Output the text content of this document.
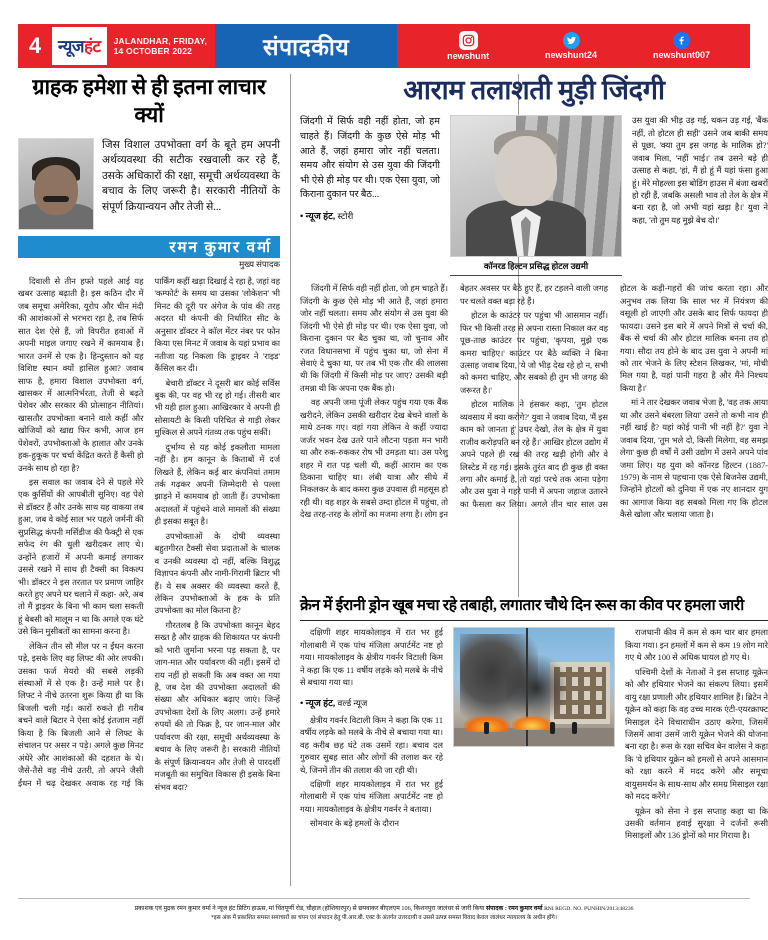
4 न्यूजहंट JALANDHAR, FRIDAY,
14 OCTOBER 2022	संपादकीय	newshunt	newshunt24	newshunt007
ग्राहक हमेशा से ही इतना लाचार क्यों
जिस विशाल उपभोक्ता वर्ग के बूते हम अपनी अर्थव्यवस्था की सटीक रखवाली कर रहे हैं, उसके अधिकारों की रक्षा, समूची अर्थव्यवस्था के बचाव के लिए जरूरी है। सरकारी नीतियों के संपूर्ण क्रियान्वयन और तेजी से...
रमन कुमार वर्मा
मुख्य संपादक

दिवाली से तीन हफ्ते पहले आई यह खबर उत्साह बढ़ाती है। इस कठिन दौर में जब समूचा अमेरिका, यूरोप और चीन मंदी की आशंकाओं से भरभरा रहा है, तब सिर्फ सात देश ऐसे हैं, जो विपरीत हवाओं में अपनी माइल जगाए रखने में कामयाब हैं। भारत उनमें से एक है। हिन्दुस्तान को यह विशिष्ट स्थान क्यों हासिल हुआ? जवाब साफ है, हमारा विशाल उपभोक्ता वर्ग, खासकर में आत्मनिर्भरता, तेजी से बढ़ते पेशेवर और सरकार की प्रोत्साहन नीतियां। खासतौर उपभोक्ता बनाने वाले कहीं और खोजियों को खाद्य फिर कभी, आज हम पेशेवरों, उपभोक्ताओं के हालात और उनके हक-हुकूक पर चर्चा केंद्रित करते हैं कैसी हो उनके साथ हो रहा है?

इस सवाल का जवाब देने से पहले मेरे एक कुर्सियों की आपबीती सुनिए। वह पेशे से डॉक्टर हैं और उनके साथ यह वाकया तब हुआ, जब वे कोई साल भर पहले जर्मनी की सुप्रसिद्ध कंपनी मर्सिडीज की फैक्ट्री से एक सफेद रंग की धुली खरीदकर लाए थे। उन्होंने हजारों में अपनी कमाई लगाकर उससे रखने में साथ ही टैक्सी का विकल्प भी। डॉक्टर ने इस तरतात पर प्रमाण जाहिर करते हुए अपने घर चलाने में कहा- अरे, अब तो मैं ड्राइवर के बिना भी काम चला सकती हूं बेबसी को मालूम न था कि अगले एक घंटे उसे किन मुसीबतों का सामना करना है।

लेकिन तीन सौ मील पर न ईंधन करना पड़े, इसके लिए वह लिफ्ट की ओर लपकी। उसका फर्ज मेयरो की सबसे लड़की संस्थाओं में से एक है। उन्हें माले पर है। लिफ्ट ने नीचे उतरना शुरू किया ही था कि बिजली चली गई। कारों रुकते ही गरीब बचने वाले बिटार ने ऐसा कोई इंतजाम नहीं किया है कि बिजली आने से लिफ्ट के संचालन पर असर न पड़े। अगले कुछ मिनट अंधेरे और आशंकाओं की दहशत के थे। जैसे-तैसे वह नीचे उतरी, तो अपने जैसी ईंधन में चढ़ देखकर अवाक रह गई कि पार्किंग कहीं खड़ा दिखाई दे रहा है, जहां वह 'कम्फोर्ट' के समय था उसका 'लोकेशन' भी मिनट की दूरी पर अंगेज के पांव की तरह अदरत थी कंपनी की निर्धारित सीट के अनुसार डॉक्टर ने कॉल मेंटर नंबर पर फोन किया एस मिनट में जवाब के यहां प्रभाव का नतीजा यह निकला कि ड्राइवर ने 'राइड' कैंसिल कर दी।

बेचारी डॉक्टर ने दूसरी बार कोई सर्विस बुक की, पर वह भी रद्द हो गई। तीसरी बार भी यही हाल हुआ। आखिरकार वे अपनी ही सोसायटी के किसी परिचित से गाड़ी लेकर मुश्किल से अपने गंतव्य तक पहुंच सकीं।

दुर्भाग्य से यह कोई इकलौता मामला नहीं है। हम कानून के किताबों में दर्ज लिखते हैं, लेकिन कई बार कंपनियां तमाम तर्क गढ़कर अपनी जिम्मेदारी से पल्ला झाड़ने में कामयाब हो जाती हैं। उपभोक्ता अदालतों में पहुंचने वाले मामलों की संख्या ही इसका सबूत है।

उपभोक्ताओं के दोषी व्यवस्था बहुतगीरत टैक्सी सेवा प्रदाताओं के चालक व उनकी व्यवस्था दो नहीं, बल्कि विशुद्ध विज्ञापन कंपनी और नामी-गिरामी ब्रिटार भी हैं। ये सब अक्सर की व्यवस्था करते हैं, लेकिन उपभोक्ताओं के हक के प्रति उपभोक्ता का मोल कितना है?

गौरतलब है कि उपभोक्ता कानून बेहद सख्त है और ग्राहक की शिकायत पर कंपनी को भारी जुर्माना भरना पड़ सकता है, पर जाग-मात और पर्यावरण की नहीं। इसमें दो राय नहीं हो सकती कि अब वक्त आ गया है, जब देश की उपभोक्ता अदालतों की संख्या और अधिकार बढ़ाए जाएं। जिन्हें उपभोक्ता देशों के लिए अलग। उन्हें हमारे रुपयों की तो फिक्र है, पर जान-माल और पर्यावरण की रक्षा, समूची अर्थव्यवस्था के बचाव के लिए जरूरी है। सरकारी नीतियों के संपूर्ण क्रियान्वयन और तेजी से पारदर्शी मजबूती का समुचित विकास ही इसके बिना संभव बदा?

आराम तलाशती मुड़ी जिंदगी
जिंदगी में सिर्फ वही नहीं होता, जो हम चाहते हैं। जिंदगी के कुछ ऐसे मोड़ भी आते हैं, जहां हमारा जोर नहीं चलता। समय और संयोग से उस युवा की जिंदगी भी ऐसे ही मोड़ पर थी। एक ऐसा युवा, जो किराना दुकान पर बैठ...
• न्यूज हंट, स्टोरी
कॉनरड हिल्टन प्रसिद्ध होटल उद्यमी
उस युवा की भीड़ उड़ गई, थकन उड़ गई, 'बैंक नहीं, तो होटल ही सही' उसने जब बाकी समय से पूछा, 'क्या तुम इस जगह के मालिक हो?' जवाब मिला, 'नहीं भाई।' तब उसने बड़े ही उत्साह से कहा, 'हां, मैं हो हूं मैं यहां फंसा हुआ हूं। मेरे मोहल्ला इस बोडिंग हाउस में बंजा खबरों हो रही हैं, जबकि असली भाव तो तेल के क्षेत्र में बना रहा है, जो अभी यहां खड़ा है।' युवा ने कहा, 'तो तुम यह मुझे बेच दो।'

जिंदगी में सिर्फ वही नहीं होता, जो हम चाहते हैं। जिंदगी के कुछ ऐसे मोड़ भी आते हैं, जहां हमारा जोर नहीं चलता। समय और संयोग से उस युवा की जिंदगी भी ऐसे ही मोड़ पर थी। एक ऐसा युवा, जो किराना दुकान पर बैठ चुका था, जो चुनाव और रजत विधानसभा में पहुंच चुका था, जो सेना में सेवाएं दे चुका था, पर तब भी एक तौर की लालसा थी कि जिंदगी में किसी मोड़ पर जाए? उसकी बड़ी तमन्ना थी कि अपना एक बैंक हो।

वह अपनी जमा पूंजी लेकर पहुंच गया एक बैंक खरीदने, लेकिन उसकी खरीदार देख बेचने वालों के माथे ठनक गए। वहां गया लेकिन वे कहीं ज्यादा जर्जर भवन देख उतरे पाने लौटना पड़ता मन भारी था और रुक-रुककर रोष भी उमड़ता था। उस परेशु शहर में रात पड़ चली थी, कहीं आराम का एक ठिकाना चाहिए था। लंबी यात्रा और सीधे में निकलकर के बाद कमरा कुछ उपवास ही महसूस हो रही थी। वह शहर के सबसे उम्दा होटल में पहुंचा, तो देख तरह-तरह के लोगों का मजमा लगा है। लोग इन बेहतर अवसर पर बैठे हुए हैं, हर टहलने वाली जगह पर चलते वक्त बड़ा रहे हैं।

होटल के काउंटर पर पहुंचा भी आसमान नहीं। फिर भी किसी तरह से अपना रास्ता निकाल कर वह पूछ-ताछ काउंटर पर पहुंचा, 'कृपया, मुझे एक कमरा चाहिए।' काउंटर पर बैठे व्यक्ति ने बिना उत्साह जवाब दिया, 'ये जो भीड़ देख रहे हो न, सभी को कमरा चाहिए, और सबको ही तुम भी जगह की जरूरत है।'

होटल मालिक ने हंसकर कहा, 'तुम होटल व्यवसाय में क्या करोगे?' युवा ने जवाब दिया, 'मैं इस काम को जानता हूं' उधर देखो, तेल के क्षेत्र में युवा राजीव करोड़पति बन रहे हैं।' आखिर होटल उद्योग में अपने पहले ही रख की तरह खड़ी होगी और वे लिस्टेड में रह गई। इसके तुरंत बाद ही कुछ ही वक्त लगा और कमाई है, तो यहां परचे तक आना पड़ेगा और उस युवा ने गहरे पानी में अपना जहाज उतारने का फैसला कर लिया। अगले तीन चार साल उस होटल के कड़ी-गहरों की जांच करता रहा। और अनुभव तक लिया कि साल भर में नियंत्रण की वसूली हो जाएगी और उसके बाद सिर्फ फायदा ही फायदा। उसने इस बारे में अपने मित्रों से चर्चा की, बैंक से चर्चा की और होटल मालिक बनना तय हो गया। सौदा तय होने के बाद उस युवा ने अपनी मां को तार भेजने के लिए स्टेशन लिखकर, 'मां, मोची मिल गया है, यहां पानी गहरा है और मैंने निश्चय किया है।'

मां ने तार देखकर जवाब भेजा है, 'वह तक आया था और उसने बंबरला लिया' उसने तो कभी नाव ही नहीं खाई है? यहां कोई पानी भी नहीं है?' युवा ने जवाब दिया, 'तुम भले दो, किसी मिलेगा, वह समझ लेगा' कुछ ही वर्षों में उसी उद्योग में उसने अपने पांव जमा लिए। यह युवा को कॉनरड हिल्टन (1887-1979) के नाम से पहचाना एक ऐसे बिजनेस उद्यमी, जिन्होंने होटलों को दुनिया में एक नए शानदार युग का आगाज किया वह सबको मिला गए कि होटल कैसे खोला और चलाया जाता है।

क्रेन में ईरानी ड्रोन खूब मचा रहे तबाही, लगातार चौथे दिन रूस का कीव पर हमला जारी

दक्षिणी शहर मायकोलाइव में रात भर हुई गोलाबारी में एक पांच मंजिला अपार्टमेंट नष्ट हो गया। मायकोलाइव के क्षेत्रीय गवर्नर विटाली किम ने कहा कि एक 11 वर्षीय लड़के को मलबे के नीचे से बचाया गया था।

• न्यूज हंट, वर्ल्ड न्यूज

क्षेत्रीय गवर्नर विटाली किम ने कहा कि एक 11 वर्षीय लड़के को मलबे के नीचे से बचाया गया था। वह करीब छह घंटे तक उसमें रहा। बचाव दल गुरुवार सुबह सात और लोगों की तलाश कर रहे थे, जिनमें तीन की तलाश की जा रही थी।

दक्षिणी शहर मायकोलाइव में रात भर हुई गोलाबारी में एक पांच मंजिला अपार्टमेंट नष्ट हो गया। मायकोलाइव के क्षेत्रीय गवर्नर ने बताया।

सोमवार के बड़े हमलों के दौरान

राजधानी कीव में कम से कम चार बार हमला किया गया। इन हमलों में कम से कम 19 लोग मारे गए थे और 100 से अधिक घायल हो गए थे।

पश्चिमी देशों के नेताओं ने इस सप्ताह यूक्रेन को और हथियार भेजने का संकल्प लिया। इसमें वायु रक्षा प्रणाली और हथियार शामिल हैं। ब्रिटेन ने यूक्रेन को कहा कि वह उच्च मारक एंटी-एयरक्राफ्ट मिसाइल देने विचाराधीन उठाए करेगा, जिसमें जिसमें आवा उसमें जारी यूक्रेन भेजने की योजना बना रहा है। रूस के रक्षा सचिव बेन वालेस ने कहा कि 'ये हथियार यूक्रेन को हमलों से अपने आसमान को रक्षा करने में मदद करेंगे और समूचा वायुसमर्थन के साथ-साथ और समग्र मिसाइल रक्षा को मदद करेंगे।'

यूक्रेन को सेना ने इस सप्ताह कहा था कि उसकी वर्तमान हवाई सुरक्षा ने दर्जनों रूसी मिसाइलों और 136 ड्रोनों को मार गिराया है।

प्रकाशक एवं मुद्रक रमन कुमार वर्मा ने न्यूज हंट प्रिटिंग हाऊस, मां चिंतपूर्णी रोड, चौहाल (होशियारपुर) से छपवाकर बीएलएम 106, किशनपुरा जालंधर से जारी किया संपादक : रमन कुमार वर्मा RNI REGD. NO. PUNHIN/2013/48236
*इस अंक में प्रकाशित समस्त समाचारों का चयन एवं संपादन हेतु पी.आर.बी. एक्ट के अंतर्गत उत्तरदायी व उससे उत्पन्न समस्त विवाद केवल जालंधर न्यायालय के अधीन होंगे।
